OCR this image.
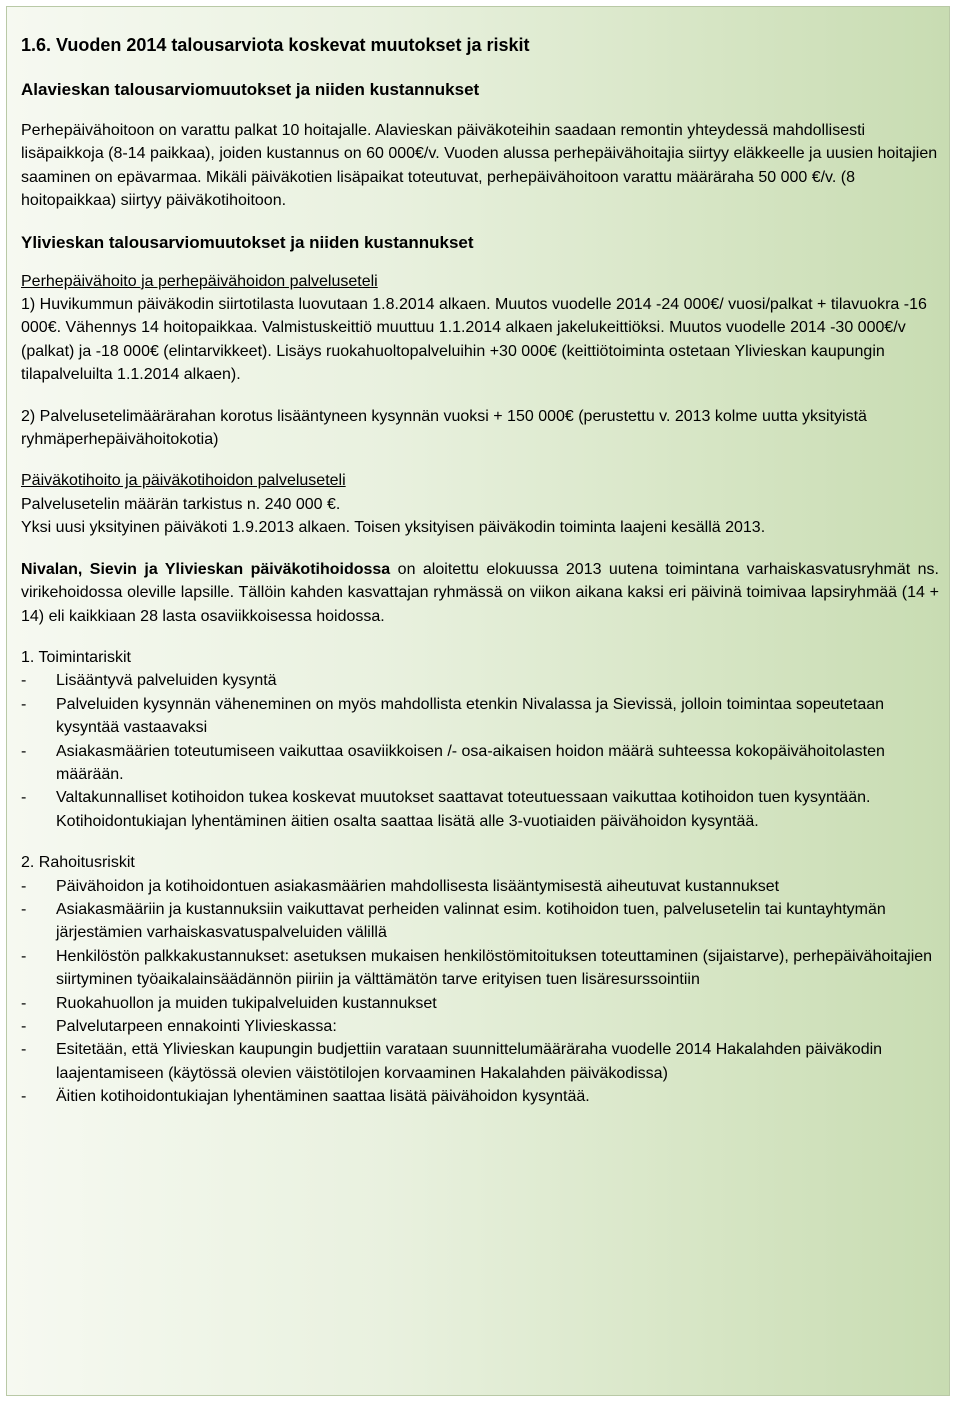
1.6. Vuoden 2014 talousarviota koskevat muutokset ja riskit
Alavieskan talousarviomuutokset ja niiden kustannukset

Perhepäivähoitoon on varattu palkat 10 hoitajalle. Alavieskan päiväkoteihin saadaan remontin yhteydessä mahdollisesti lisäpaikkoja (8-14 paikkaa), joiden kustannus on 60 000€/v. Vuoden alussa perhepäivähoitajia siirtyy eläkkeelle ja uusien hoitajien saaminen on epävarmaa. Mikäli päiväkotien lisäpaikat toteutuvat, perhepäivähoitoon varattu määräraha 50 000 €/v. (8 hoitopaikkaa) siirtyy päiväkotihoitoon.

Ylivieskan talousarviomuutokset ja niiden kustannukset

Perhepäivähoito ja perhepäivähoidon palveluseteli

1) Huvikummun päiväkodin siirtotilasta luovutaan 1.8.2014 alkaen. Muutos vuodelle 2014 -24 000€/ vuosi/palkat + tilavuokra -16 000€. Vähennys 14 hoitopaikkaa. Valmistuskeittiö muuttuu 1.1.2014 alkaen jakelukeittiöksi. Muutos vuodelle 2014 -30 000€/v (palkat) ja -18 000€ (elintarvikkeet). Lisäys ruokahuoltopalveluihin +30 000€ (keittiötoiminta ostetaan Ylivieskan kaupungin tilapalveluilta 1.1.2014 alkaen).

2) Palvelusetelimäärärahan korotus lisääntyneen kysynnän vuoksi + 150 000€ (perustettu v. 2013 kolme uutta yksityistä ryhmäperhepäivähoitokotia)

Päiväkotihoito ja päiväkotihoidon palveluseteli

Palvelusetelin määrän tarkistus n. 240 000 €.

Yksi uusi yksityinen päiväkoti 1.9.2013 alkaen. Toisen yksityisen päiväkodin toiminta laajeni kesällä 2013.

Nivalan, Sievin ja Ylivieskan päiväkotihoidossa on aloitettu elokuussa 2013 uutena toimintana varhaiskasvatusryhmät ns. virikehoidossa oleville lapsille. Tällöin kahden kasvattajan ryhmässä on viikon aikana kaksi eri päivinä toimivaa lapsiryhmää (14 + 14) eli kaikkiaan 28 lasta osaviikkoisessa hoidossa.

1. Toimintariskit

- Lisääntyvä palveluiden kysyntä
- Palveluiden kysynnän väheneminen on myös mahdollista etenkin Nivalassa ja Sievissä, jolloin toimintaa sopeutetaan kysyntää vastaavaksi
- Asiakasmäärien toteutumiseen vaikuttaa osaviikkoisen /- osa-aikaisen hoidon määrä suhteessa kokopäivähoitolasten määrään.
- Valtakunnalliset kotihoidon tukea koskevat muutokset saattavat toteutuessaan vaikuttaa kotihoidon tuen kysyntään. Kotihoidontukiajan lyhentäminen äitien osalta saattaa lisätä alle 3-vuotiaiden päivähoidon kysyntää.

2. Rahoitusriskit

- Päivähoidon ja kotihoidontuen asiakasmäärien mahdollisesta lisääntymisestä aiheutuvat kustannukset
- Asiakasmääriin ja kustannuksiin vaikuttavat perheiden valinnat esim. kotihoidon tuen, palvelusetelin tai kuntayhtymän järjestämien varhaiskasvatuspalveluiden välillä
- Henkilöstön palkkakustannukset: asetuksen mukaisen henkilöstömitoituksen toteuttaminen (sijaistarve), perhepäivähoitajien siirtyminen työaikalainsäädännön piiriin ja välttämätön tarve erityisen tuen lisäresurssointiin
- Ruokahuollon ja muiden tukipalveluiden kustannukset
- Palvelutarpeen ennakointi Ylivieskassa:
- Esitetään, että Ylivieskan kaupungin budjettiin varataan suunnittelumääräraha vuodelle 2014 Hakalahden päiväkodin laajentamiseen (käytössä olevien väistötilojen korvaaminen Hakalahden päiväkodissa)
- Äitien kotihoidontukiajan lyhentäminen saattaa lisätä päivähoidon kysyntää.
